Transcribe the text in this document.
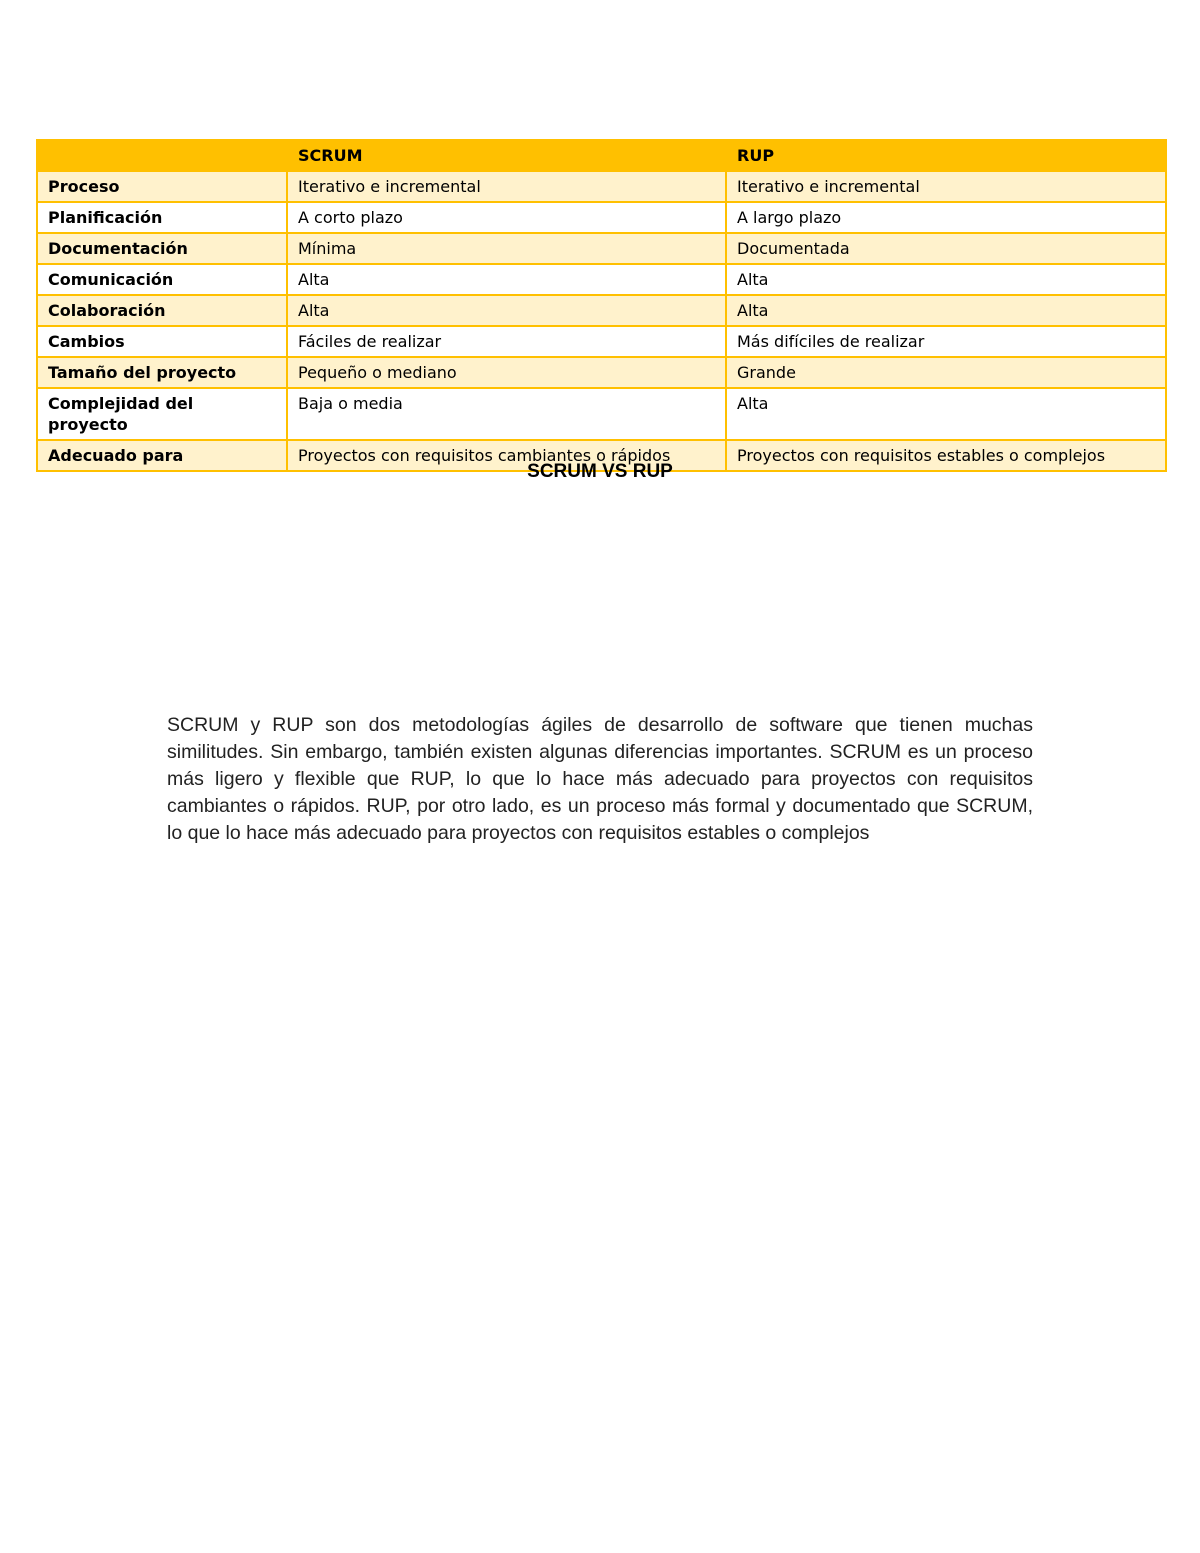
	SCRUM	RUP
Proceso	Iterativo e incremental	Iterativo e incremental
Planificación	A corto plazo	A largo plazo
Documentación	Mínima	Documentada
Comunicación	Alta	Alta
Colaboración	Alta	Alta
Cambios	Fáciles de realizar	Más difíciles de realizar
Tamaño del proyecto	Pequeño o mediano	Grande
Complejidad del proyecto	Baja o media	Alta
Adecuado para	Proyectos con requisitos cambiantes o rápidos	Proyectos con requisitos estables o complejos
SCRUM VS RUP

SCRUM y RUP son dos metodologías ágiles de desarrollo de software que tienen muchas similitudes. Sin embargo, también existen algunas diferencias importantes. SCRUM es un proceso más ligero y flexible que RUP, lo que lo hace más adecuado para proyectos con requisitos cambiantes o rápidos. RUP, por otro lado, es un proceso más formal y documentado que SCRUM, lo que lo hace más adecuado para proyectos con requisitos estables o complejos
